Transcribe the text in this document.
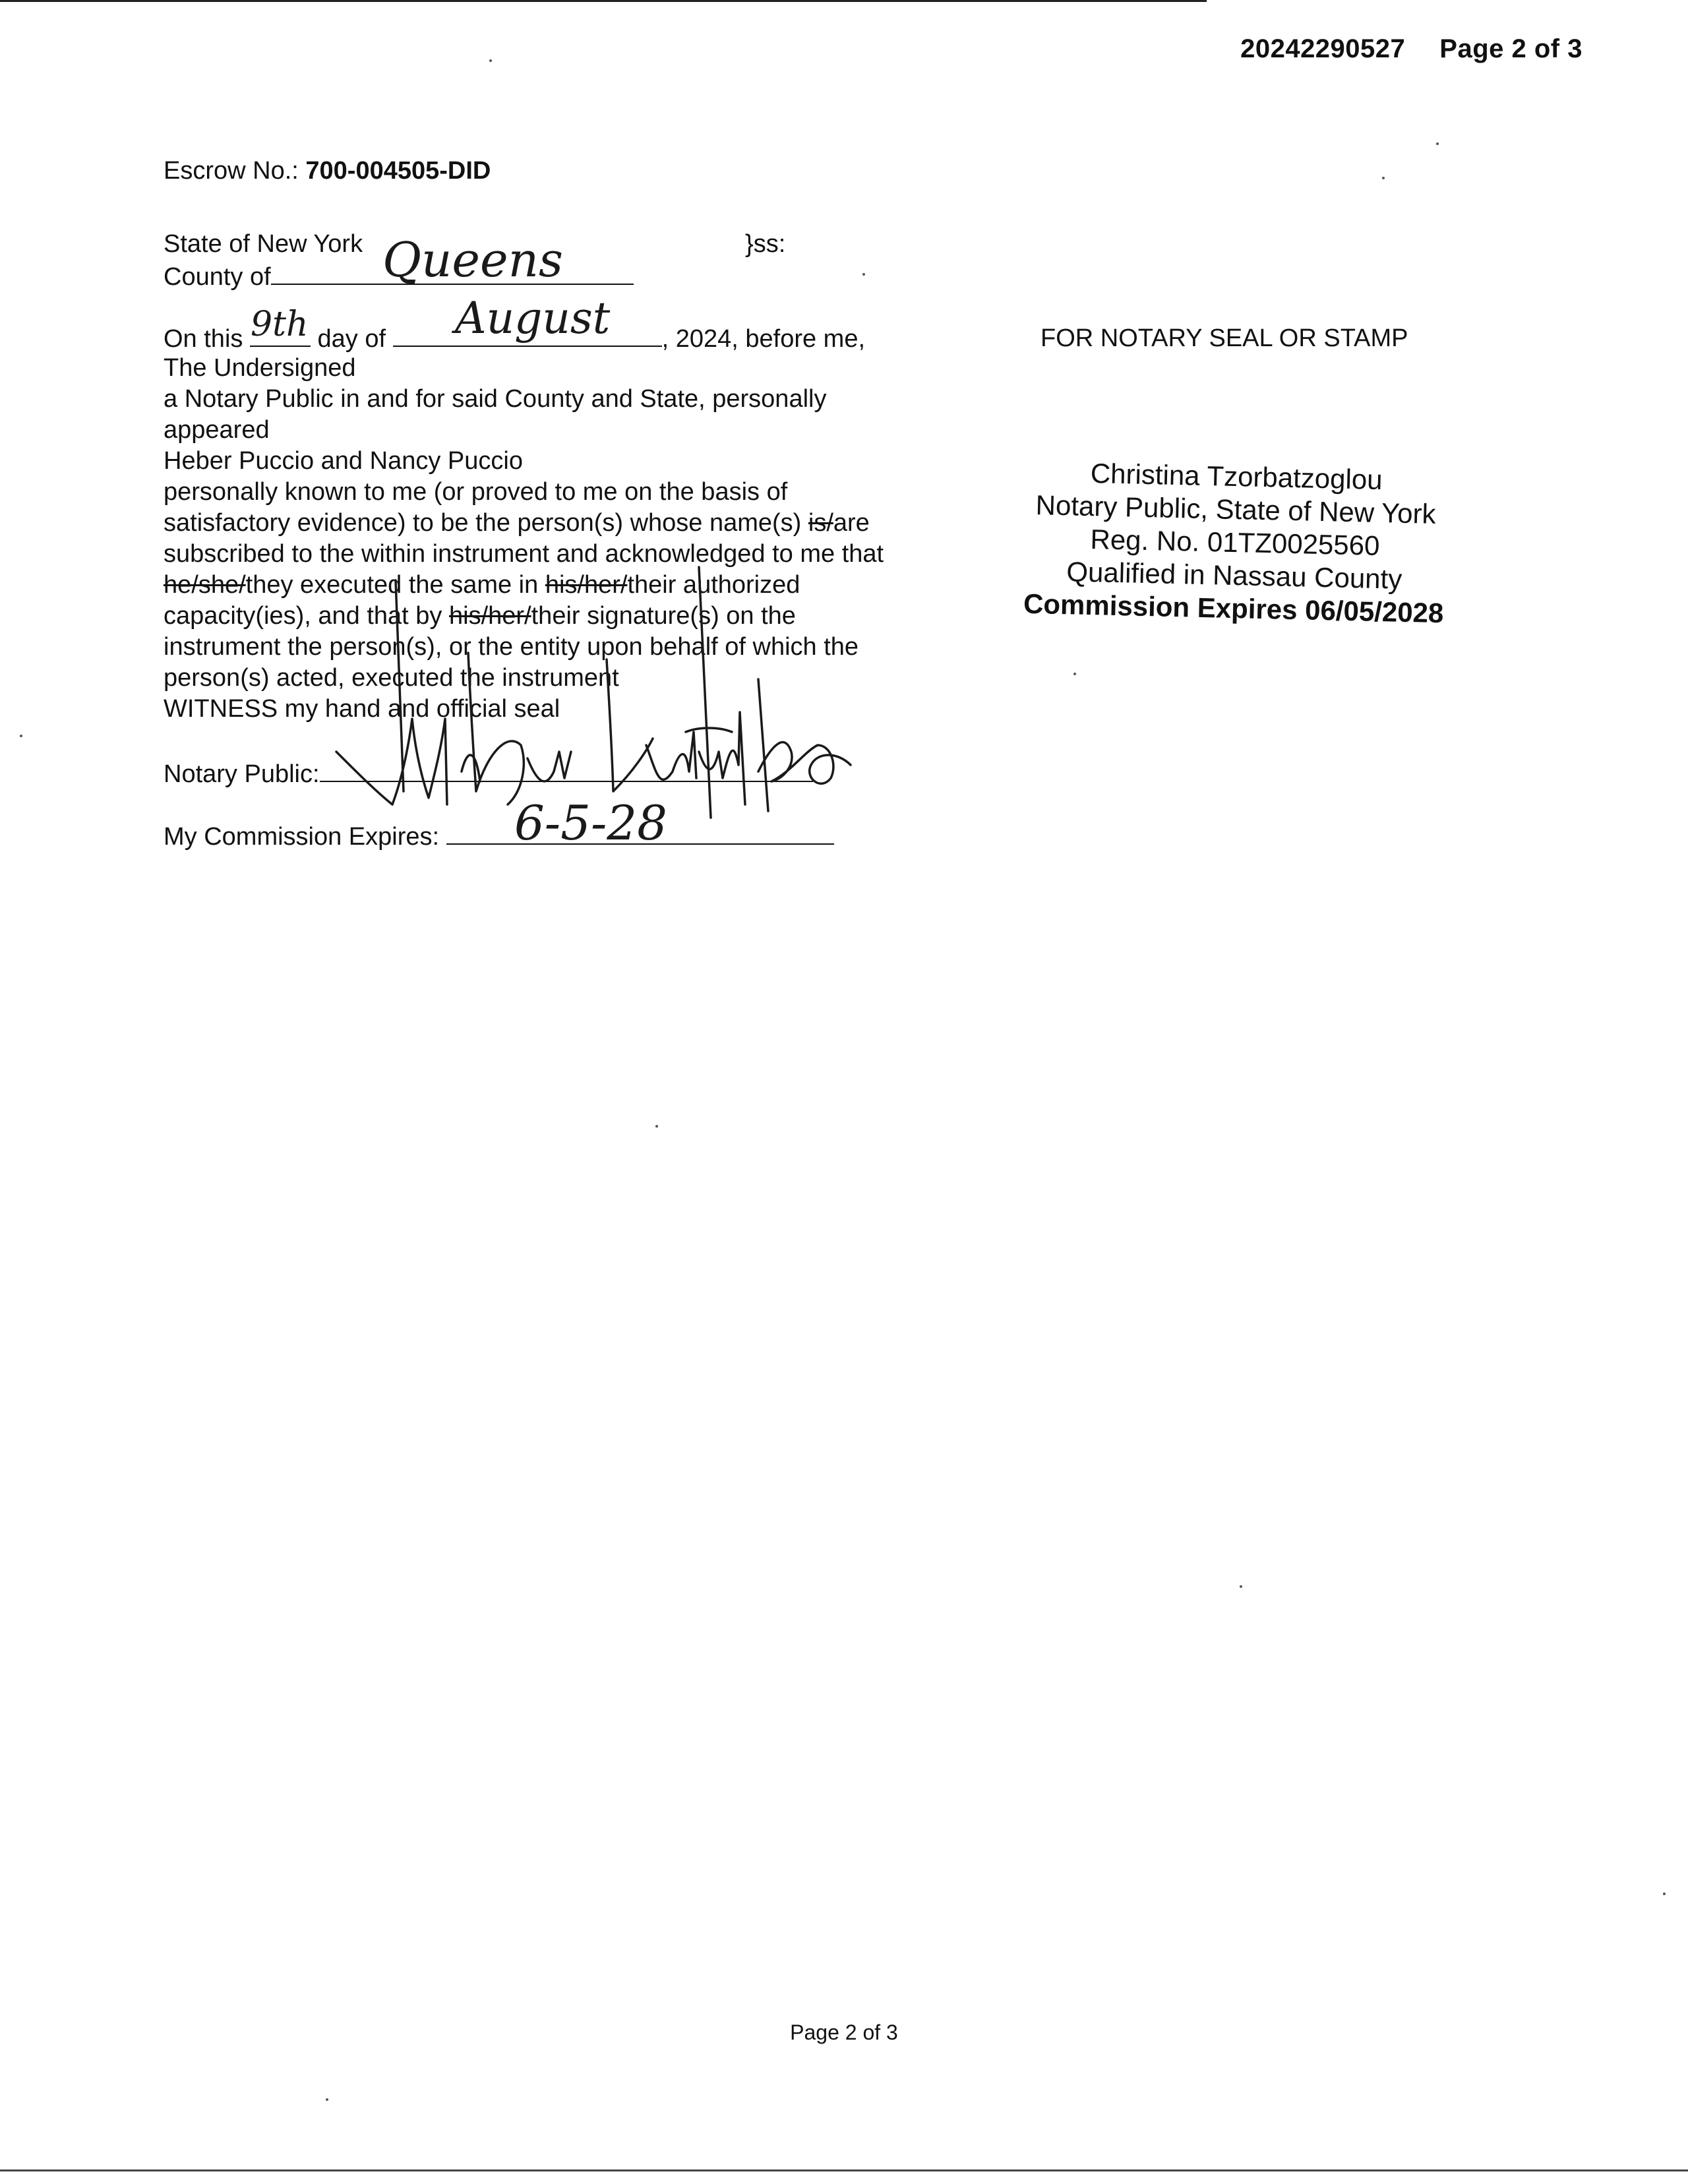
20242290527 Page 2 of 3
Escrow No.: 700-004505-DID
State of New York	}ss:
County of	Queens
On this	day of	, 2024, before me,
9th	August
The Undersigned
a Notary Public in and for said County and State, personally
appeared
Heber Puccio and Nancy Puccio
personally known to me (or proved to me on the basis of
satisfactory evidence) to be the person(s) whose name(s) is/are
subscribed to the within instrument and acknowledged to me that
he/she/they executed the same in his/her/their authorized
capacity(ies), and that by his/her/their signature(s) on the
instrument the person(s), or the entity upon behalf of which the
person(s) acted, executed the instrument
WITNESS my hand and official seal
Notary Public:
My Commission Expires:	6-5-28
FOR NOTARY SEAL OR STAMP
Christina Tzorbatzoglou
Notary Public, State of New York
Reg. No. 01TZ0025560
Qualified in Nassau County
Commission Expires 06/05/2028
Page 2 of 3
